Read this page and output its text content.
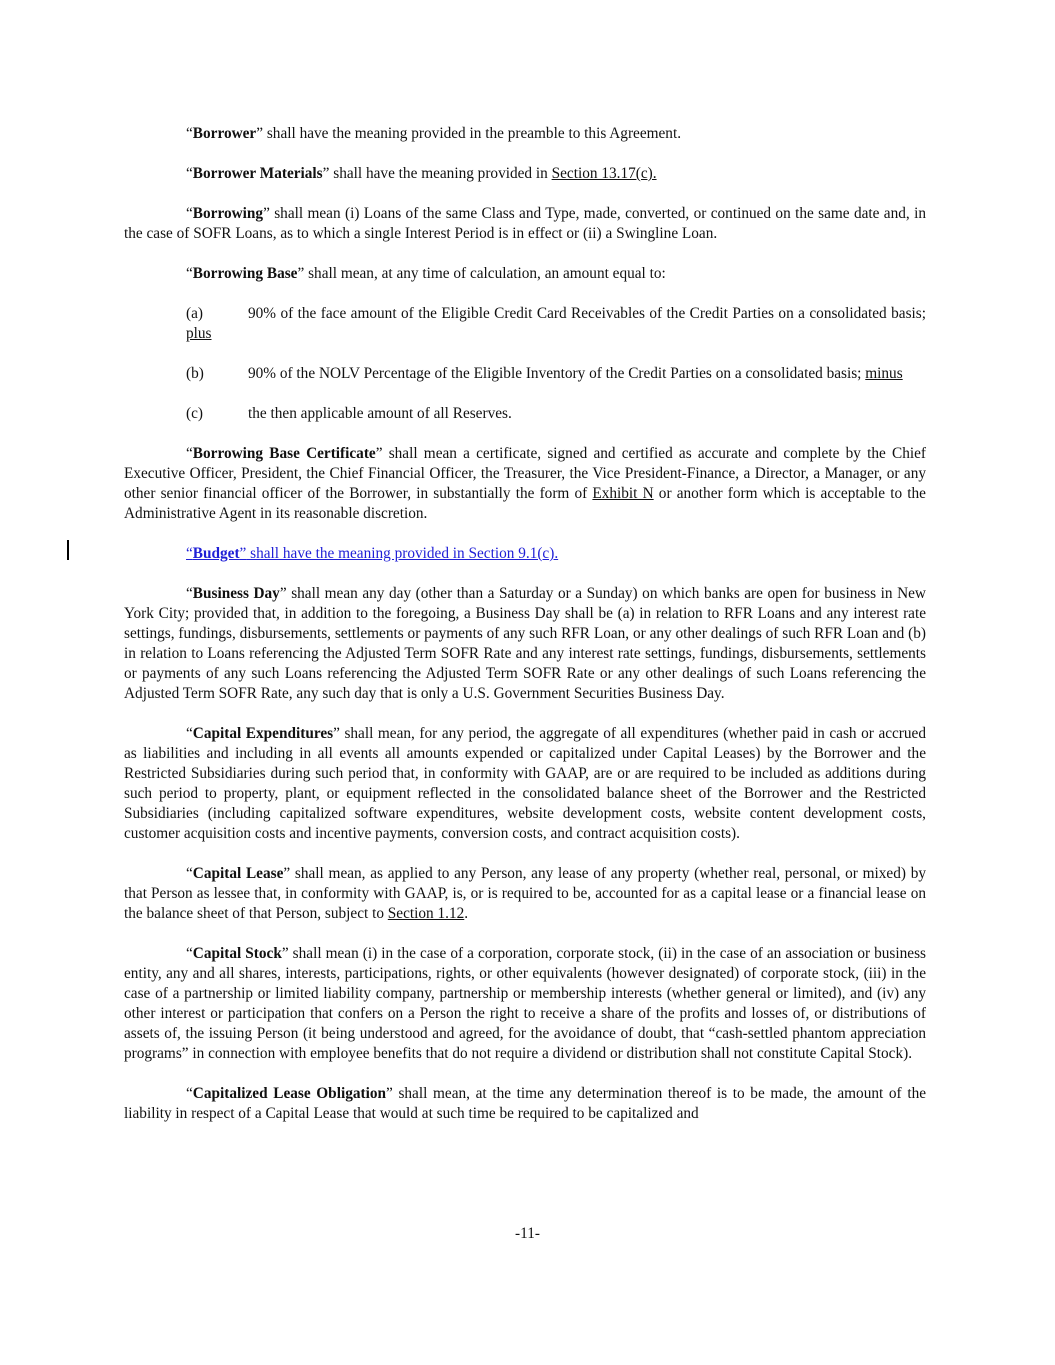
“Borrower” shall have the meaning provided in the preamble to this Agreement.

“Borrower Materials” shall have the meaning provided in Section 13.17(c).

“Borrowing” shall mean (i) Loans of the same Class and Type, made, converted, or continued on the same date and, in the case of SOFR Loans, as to which a single Interest Period is in effect or (ii) a Swingline Loan.

“Borrowing Base” shall mean, at any time of calculation, an amount equal to:

(a)	90% of the face amount of the Eligible Credit Card Receivables of the Credit Parties on a consolidated basis; plus

(b)	90% of the NOLV Percentage of the Eligible Inventory of the Credit Parties on a consolidated basis; minus

(c)	the then applicable amount of all Reserves.

“Borrowing Base Certificate” shall mean a certificate, signed and certified as accurate and complete by the Chief Executive Officer, President, the Chief Financial Officer, the Treasurer, the Vice President-Finance, a Director, a Manager, or any other senior financial officer of the Borrower, in substantially the form of Exhibit N or another form which is acceptable to the Administrative Agent in its reasonable discretion.

“Budget” shall have the meaning provided in Section 9.1(c).

“Business Day” shall mean any day (other than a Saturday or a Sunday) on which banks are open for business in New York City; provided that, in addition to the foregoing, a Business Day shall be (a) in relation to RFR Loans and any interest rate settings, fundings, disbursements, settlements or payments of any such RFR Loan, or any other dealings of such RFR Loan and (b) in relation to Loans referencing the Adjusted Term SOFR Rate and any interest rate settings, fundings, disbursements, settlements or payments of any such Loans referencing the Adjusted Term SOFR Rate or any other dealings of such Loans referencing the Adjusted Term SOFR Rate, any such day that is only a U.S. Government Securities Business Day.

“Capital Expenditures” shall mean, for any period, the aggregate of all expenditures (whether paid in cash or accrued as liabilities and including in all events all amounts expended or capitalized under Capital Leases) by the Borrower and the Restricted Subsidiaries during such period that, in conformity with GAAP, are or are required to be included as additions during such period to property, plant, or equipment reflected in the consolidated balance sheet of the Borrower and the Restricted Subsidiaries (including capitalized software expenditures, website development costs, website content development costs, customer acquisition costs and incentive payments, conversion costs, and contract acquisition costs).

“Capital Lease” shall mean, as applied to any Person, any lease of any property (whether real, personal, or mixed) by that Person as lessee that, in conformity with GAAP, is, or is required to be, accounted for as a capital lease or a financial lease on the balance sheet of that Person, subject to Section 1.12.

“Capital Stock” shall mean (i) in the case of a corporation, corporate stock, (ii) in the case of an association or business entity, any and all shares, interests, participations, rights, or other equivalents (however designated) of corporate stock, (iii) in the case of a partnership or limited liability company, partnership or membership interests (whether general or limited), and (iv) any other interest or participation that confers on a Person the right to receive a share of the profits and losses of, or distributions of assets of, the issuing Person (it being understood and agreed, for the avoidance of doubt, that “cash-settled phantom appreciation programs” in connection with employee benefits that do not require a dividend or distribution shall not constitute Capital Stock).

“Capitalized Lease Obligation” shall mean, at the time any determination thereof is to be made, the amount of the liability in respect of a Capital Lease that would at such time be required to be capitalized and

-11-
